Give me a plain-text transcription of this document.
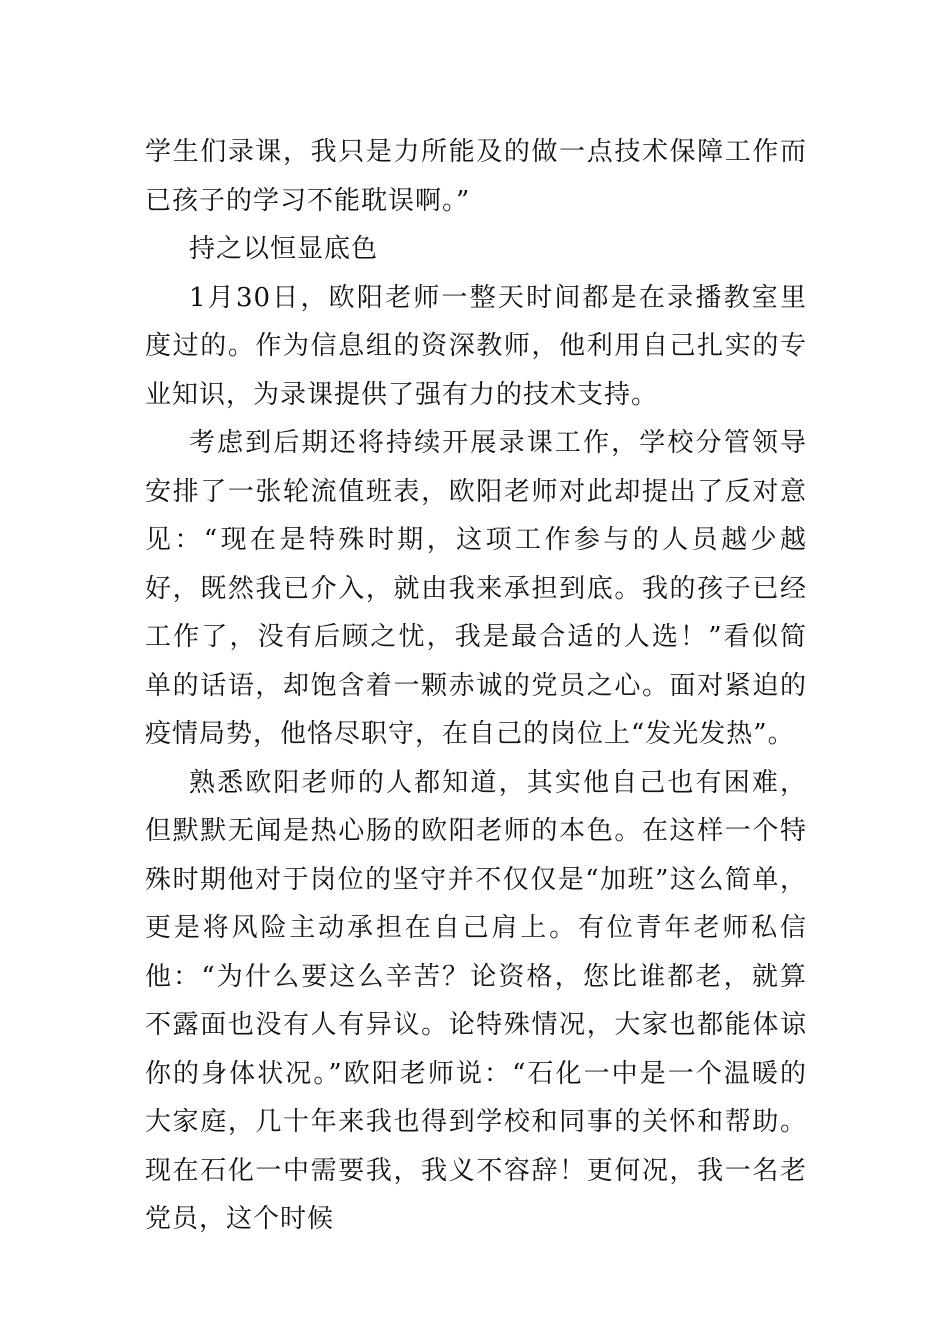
学生们录课，我只是力所能及的做一点技术保障工作而已孩子的学习不能耽误啊。”

持之以恒显底色

1月30日，欧阳老师一整天时间都是在录播教室里度过的。作为信息组的资深教师，他利用自己扎实的专业知识，为录课提供了强有力的技术支持。

考虑到后期还将持续开展录课工作，学校分管领导安排了一张轮流值班表，欧阳老师对此却提出了反对意见：“现在是特殊时期，这项工作参与的人员越少越好，既然我已介入，就由我来承担到底。我的孩子已经工作了，没有后顾之忧，我是最合适的人选！”看似简单的话语，却饱含着一颗赤诚的党员之心。面对紧迫的疫情局势，他恪尽职守，在自己的岗位上“发光发热”。

熟悉欧阳老师的人都知道，其实他自己也有困难，但默默无闻是热心肠的欧阳老师的本色。在这样一个特殊时期他对于岗位的坚守并不仅仅是“加班”这么简单，更是将风险主动承担在自己肩上。有位青年老师私信他：“为什么要这么辛苦？论资格，您比谁都老，就算不露面也没有人有异议。论特殊情况，大家也都能体谅你的身体状况。”欧阳老师说：“石化一中是一个温暖的大家庭，几十年来我也得到学校和同事的关怀和帮助。现在石化一中需要我，我义不容辞！更何况，我一名老党员，这个时候
